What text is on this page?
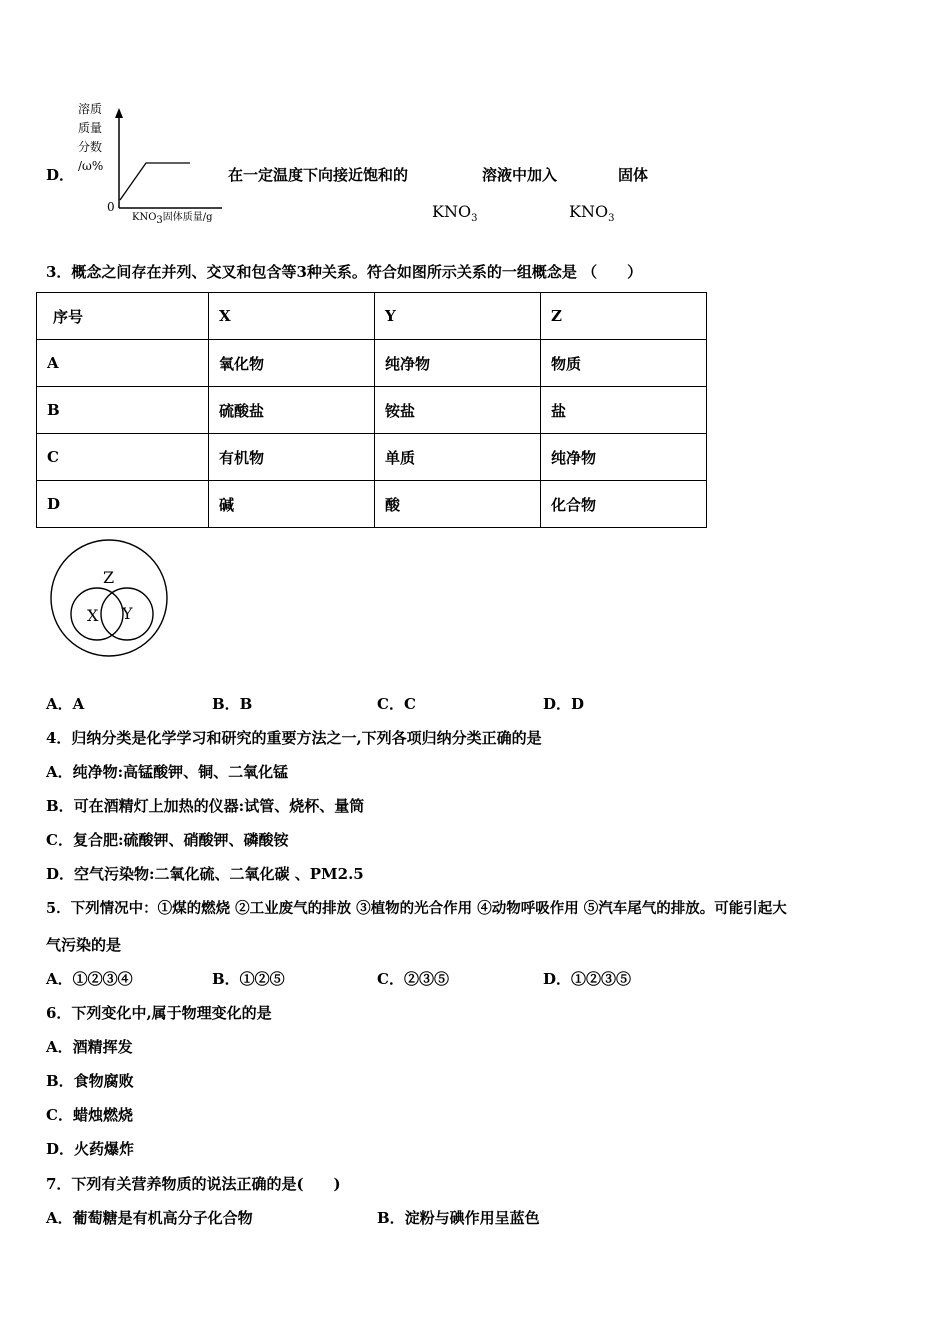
D．
溶质
质量
分数
/ω%
0
$KNO_3$固体质量/g
在一定温度下向接近饱和的	溶液中加入	固体
$KNO_3$	$KNO_3$
3．概念之间存在并列、交叉和包含等3种关系。符合如图所示关系的一组概念是 （　　）
序号	X	Y	Z
A	氧化物	纯净物	物质
B	硫酸盐	铵盐	盐
C	有机物	单质	纯净物
D	碱	酸	化合物
Z
X Y
A．A	B．B	C．C	D．D
4．归纳分类是化学学习和研究的重要方法之一,下列各项归纳分类正确的是
A．纯净物:高锰酸钾、铜、二氧化锰
B．可在酒精灯上加热的仪器:试管、烧杯、量筒
C．复合肥:硫酸钾、硝酸钾、磷酸铵
D．空气污染物:二氧化硫、二氧化碳 、PM2.5
5．下列情况中：①煤的燃烧 ②工业废气的排放 ③植物的光合作用 ④动物呼吸作用 ⑤汽车尾气的排放。可能引起大
气污染的是
A．①②③④	B．①②⑤	C．②③⑤	D．①②③⑤
6．下列变化中,属于物理变化的是
A．酒精挥发
B．食物腐败
C．蜡烛燃烧
D．火药爆炸
7．下列有关营养物质的说法正确的是(　　)
A．葡萄糖是有机高分子化合物	B．淀粉与碘作用呈蓝色
